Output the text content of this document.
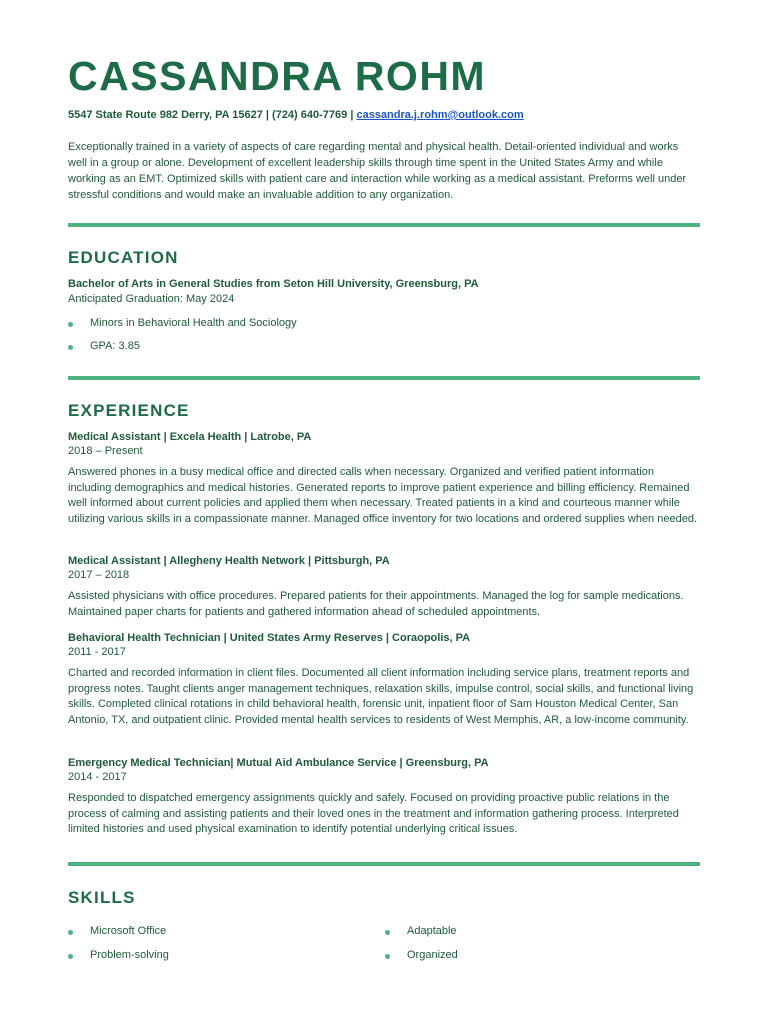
CASSANDRA ROHM
5547 State Route 982 Derry, PA 15627 | (724) 640-7769 | cassandra.j.rohm@outlook.com
Exceptionally trained in a variety of aspects of care regarding mental and physical health. Detail-oriented individual and works well in a group or alone. Development of excellent leadership skills through time spent in the United States Army and while working as an EMT. Optimized skills with patient care and interaction while working as a medical assistant. Preforms well under stressful conditions and would make an invaluable addition to any organization.
EDUCATION
Bachelor of Arts in General Studies from Seton Hill University, Greensburg, PA
Anticipated Graduation: May 2024
Minors in Behavioral Health and Sociology
GPA: 3.85
EXPERIENCE
Medical Assistant | Excela Health | Latrobe, PA
2018 – Present
Answered phones in a busy medical office and directed calls when necessary. Organized and verified patient information including demographics and medical histories. Generated reports to improve patient experience and billing efficiency. Remained well informed about current policies and applied them when necessary. Treated patients in a kind and courteous manner while utilizing various skills in a compassionate manner. Managed office inventory for two locations and ordered supplies when needed.
Medical Assistant | Allegheny Health Network | Pittsburgh, PA
2017 – 2018
Assisted physicians with office procedures. Prepared patients for their appointments. Managed the log for sample medications. Maintained paper charts for patients and gathered information ahead of scheduled appointments.
Behavioral Health Technician | United States Army Reserves | Coraopolis, PA
2011 - 2017
Charted and recorded information in client files. Documented all client information including service plans, treatment reports and progress notes. Taught clients anger management techniques, relaxation skills, impulse control, social skills, and functional living skills. Completed clinical rotations in child behavioral health, forensic unit, inpatient floor of Sam Houston Medical Center, San Antonio, TX, and outpatient clinic. Provided mental health services to residents of West Memphis, AR, a low-income community.
Emergency Medical Technician| Mutual Aid Ambulance Service | Greensburg, PA
2014 - 2017
Responded to dispatched emergency assignments quickly and safely. Focused on providing proactive public relations in the process of calming and assisting patients and their loved ones in the treatment and information gathering process. Interpreted limited histories and used physical examination to identify potential underlying critical issues.
SKILLS
Microsoft Office
Problem-solving
Adaptable
Organized
